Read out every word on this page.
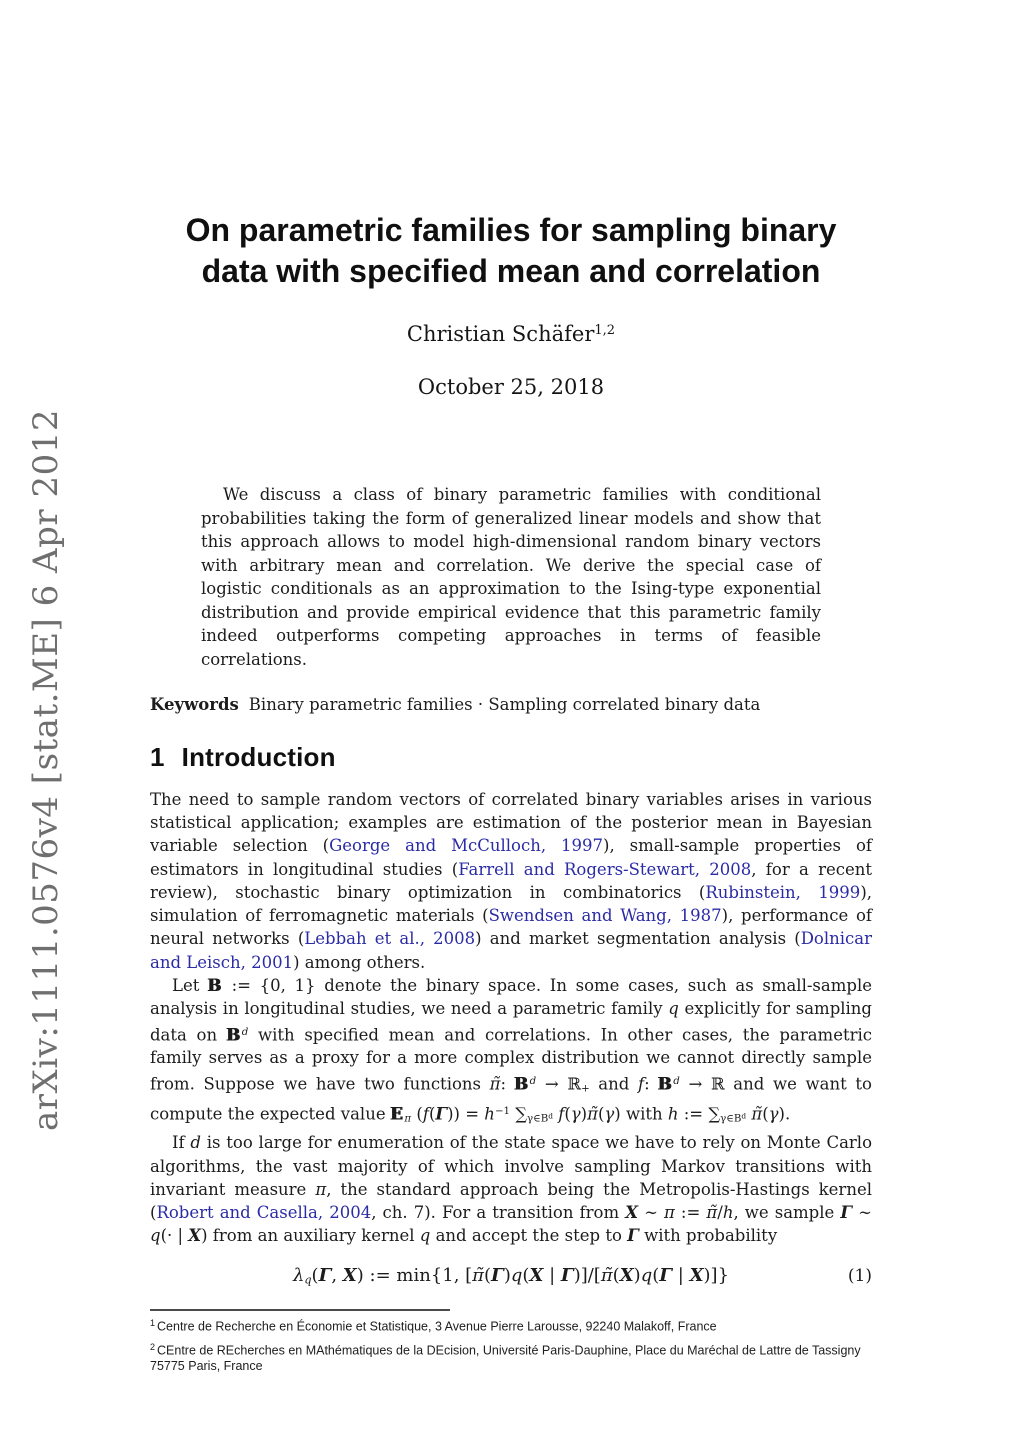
arXiv:1111.0576v4 [stat.ME] 6 Apr 2012
On parametric families for sampling binary
data with specified mean and correlation
Christian Schäfer$^{1,2}$
October 25, 2018
We discuss a class of binary parametric families with conditional probabilities taking the form of generalized linear models and show that this approach allows to model high-dimensional random binary vectors with arbitrary mean and correlation. We derive the special case of logistic conditionals as an approximation to the Ising-type exponential distribution and provide empirical evidence that this parametric family indeed outperforms competing approaches in terms of feasible correlations.
Keywords Binary parametric families · Sampling correlated binary data
1 Introduction

The need to sample random vectors of correlated binary variables arises in various statistical application; examples are estimation of the posterior mean in Bayesian variable selection (George and McCulloch, 1997), small-sample properties of estimators in longitudinal studies (Farrell and Rogers-Stewart, 2008, for a recent review), stochastic binary optimization in combinatorics (Rubinstein, 1999), simulation of ferromagnetic materials (Swendsen and Wang, 1987), performance of neural networks (Lebbah et al., 2008) and market segmentation analysis (Dolnicar and Leisch, 2001) among others.

Let B := {0, 1} denote the binary space. In some cases, such as small-sample analysis in longitudinal studies, we need a parametric family q explicitly for sampling data on $B^d$ with specified mean and correlations. In other cases, the parametric family serves as a proxy for a more complex distribution we cannot directly sample from. Suppose we have two functions π̃: $B^d$ → ℝ$_+$ and f: $B^d$ → ℝ and we want to compute the expected value $E_\pi$ $(f(\Gamma)) = h^{-1}$ $\sum_{\gamma\in B}d$ f(γ)π̃(γ) with h := $\sum_{\gamma\in B}d$ π̃(γ).

If d is too large for enumeration of the state space we have to rely on Monte Carlo algorithms, the vast majority of which involve sampling Markov transitions with invariant measure π, the standard approach being the Metropolis-Hastings kernel (Robert and Casella, 2004, ch. 7). For a transition from X ∼ π := π̃/h, we sample Γ ∼ q(· | X) from an auxiliary kernel q and accept the step to Γ with probability

$\lambda_q(\Gamma$, X) := min{1, [π̃(Γ)q(X | Γ)]/[π̃(X)q(Γ | X)]}	(1)
$^1$ Centre de Recherche en Économie et Statistique, 3 Avenue Pierre Larousse, 92240 Malakoff, France
$^2$ CEntre de REcherches en MAthématiques de la DEcision, Université Paris-Dauphine, Place du Maréchal de Lattre de Tassigny 75775 Paris, France
